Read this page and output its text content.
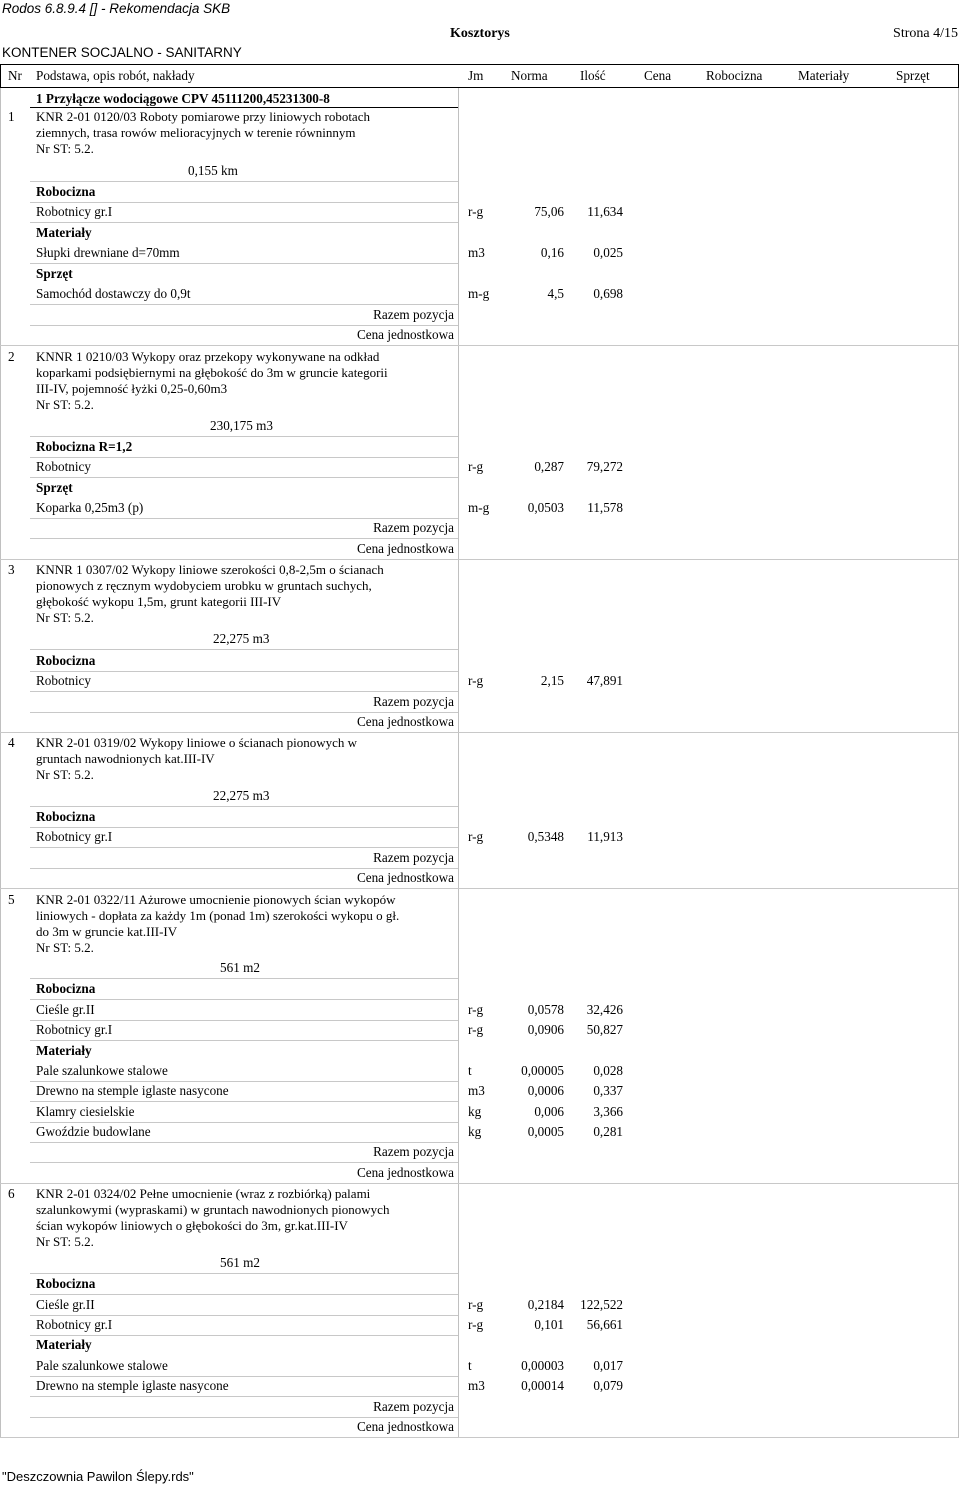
Rodos 6.8.9.4 [] - Rekomendacja SKB
Kosztorys	Strona 4/15
KONTENER SOCJALNO - SANITARNY
Nr Podstawa, opis robót, nakłady	Jm Norma Ilość	Cena	Robocizna	Materiały	Sprzęt
1 Przyłącze wodociągowe CPV 45111200,45231300-8
1 KNR 2-01 0120/03 Roboty pomiarowe przy liniowych robotach
ziemnych, trasa rowów melioracyjnych w terenie równinnym
Nr ST: 5.2.
0,155 km
Robocizna
Materiały
Sprzęt
Robotnicy gr.I	r-g	75,06	11,634
Słupki drewniane d=70mm	m3	0,16	0,025
Samochód dostawczy do 0,9t	m-g	4,5	0,698
Razem pozycja
Cena jednostkowa
2 KNNR 1 0210/03 Wykopy oraz przekopy wykonywane na odkład
koparkami podsiębiernymi na głębokość do 3m w gruncie kategorii
III-IV, pojemność łyżki 0,25-0,60m3
Nr ST: 5.2.
230,175 m3
Robocizna R=1,2
Sprzęt
Robotnicy	r-g	0,287	79,272
Koparka 0,25m3 (p)	m-g	0,0503	11,578
Razem pozycja
Cena jednostkowa
3 KNNR 1 0307/02 Wykopy liniowe szerokości 0,8-2,5m o ścianach
pionowych z ręcznym wydobyciem urobku w gruntach suchych,
głębokość wykopu 1,5m, grunt kategorii III-IV
Nr ST: 5.2.
22,275 m3
Robocizna
Robotnicy	r-g	2,15	47,891
Razem pozycja
Cena jednostkowa
4 KNR 2-01 0319/02 Wykopy liniowe o ścianach pionowych w
gruntach nawodnionych kat.III-IV
Nr ST: 5.2.
22,275 m3
Robocizna
Robotnicy gr.I	r-g	0,5348	11,913
Razem pozycja
Cena jednostkowa
5 KNR 2-01 0322/11 Ażurowe umocnienie pionowych ścian wykopów
liniowych - dopłata za każdy 1m (ponad 1m) szerokości wykopu o gł.
do 3m w gruncie kat.III-IV
Nr ST: 5.2.
561 m2
Robocizna
Materiały
Cieśle gr.II	r-g	0,0578	32,426
Robotnicy gr.I	r-g	0,0906	50,827
Pale szalunkowe stalowe	t	0,00005	0,028
Drewno na stemple iglaste nasycone	m3	0,0006	0,337
Klamry ciesielskie	kg	0,006	3,366
Gwoździe budowlane	kg	0,0005	0,281
Razem pozycja
Cena jednostkowa
6 KNR 2-01 0324/02 Pełne umocnienie (wraz z rozbiórką) palami
szalunkowymi (wypraskami) w gruntach nawodnionych pionowych
ścian wykopów liniowych o głębokości do 3m, gr.kat.III-IV
Nr ST: 5.2.
561 m2
Robocizna
Materiały
Cieśle gr.II	r-g	0,2184	122,522
Robotnicy gr.I	r-g	0,101	56,661
Pale szalunkowe stalowe	t	0,00003	0,017
Drewno na stemple iglaste nasycone	m3	0,00014	0,079
Razem pozycja
Cena jednostkowa
"Deszczownia Pawilon Ślepy.rds"
